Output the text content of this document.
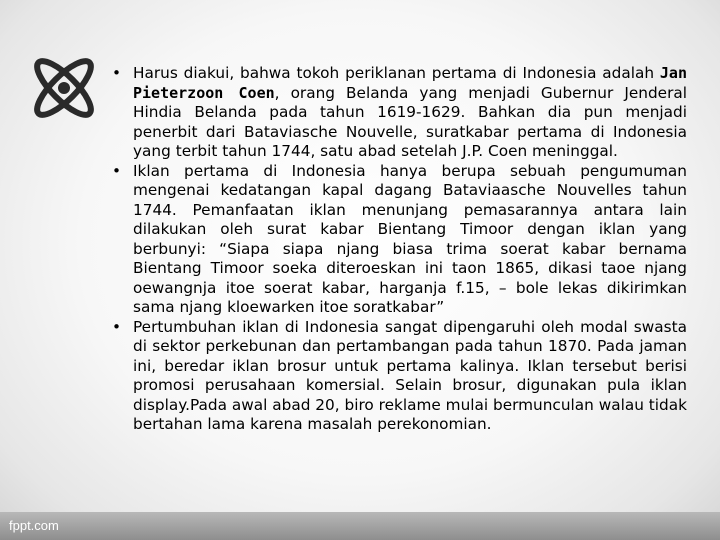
• Harus diakui, bahwa tokoh periklanan pertama di Indonesia adalah Jan Pieterzoon Coen, orang Belanda yang menjadi Gubernur Jenderal Hindia Belanda pada tahun 1619-1629. Bahkan dia pun menjadi penerbit dari Bataviasche Nouvelle, suratkabar pertama di Indonesia yang terbit tahun 1744, satu abad setelah J.P. Coen meninggal.

• Iklan pertama di Indonesia hanya berupa sebuah pengumuman mengenai kedatangan kapal dagang Bataviaasche Nouvelles tahun 1744. Pemanfaatan iklan menunjang pemasarannya antara lain dilakukan oleh surat kabar Bientang Timoor dengan iklan yang berbunyi: “Siapa siapa njang biasa trima soerat kabar bernama Bientang Timoor soeka diteroeskan ini taon 1865, dikasi taoe njang oewangnja itoe soerat kabar, harganja f.15, – bole lekas dikirimkan sama njang kloewarken itoe soratkabar”

• Pertumbuhan iklan di Indonesia sangat dipengaruhi oleh modal swasta di sektor perkebunan dan pertambangan pada tahun 1870. Pada jaman ini, beredar iklan brosur untuk pertama kalinya. Iklan tersebut berisi promosi perusahaan komersial. Selain brosur, digunakan pula iklan display.Pada awal abad 20, biro reklame mulai bermunculan walau tidak bertahan lama karena masalah perekonomian.

fppt.com
